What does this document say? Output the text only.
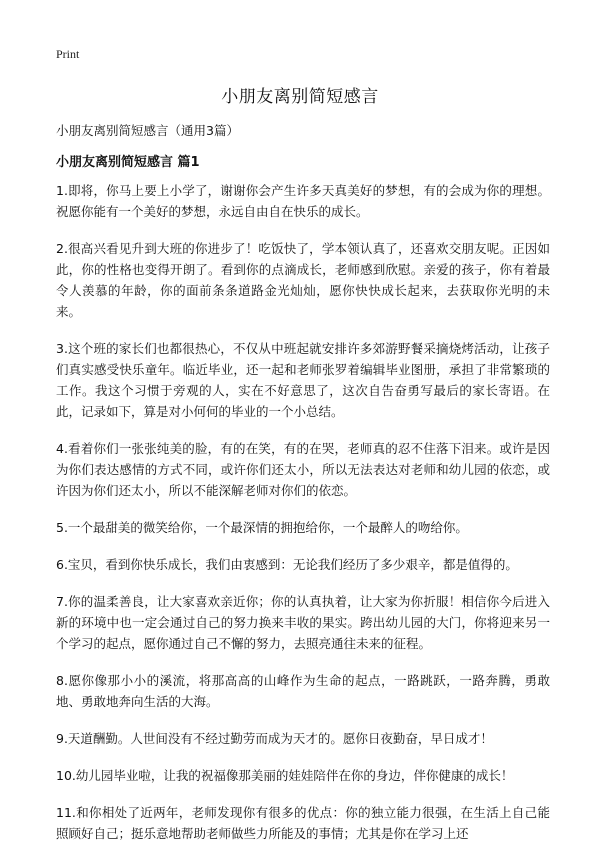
Print
小朋友离别简短感言

小朋友离别简短感言（通用3篇）

小朋友离别简短感言 篇1

1.即将，你马上要上小学了，谢谢你会产生许多天真美好的梦想，有的会成为你的理想。祝愿你能有一个美好的梦想，永远自由自在快乐的成长。

2.很高兴看见升到大班的你进步了！吃饭快了，学本领认真了，还喜欢交朋友呢。正因如此，你的性格也变得开朗了。看到你的点滴成长，老师感到欣慰。亲爱的孩子，你有着最令人羡慕的年龄，你的面前条条道路金光灿灿，愿你快快成长起来，去获取你光明的未来。

3.这个班的家长们也都很热心，不仅从中班起就安排许多郊游野餐采摘烧烤活动，让孩子们真实感受快乐童年。临近毕业，还一起和老师张罗着编辑毕业图册，承担了非常繁琐的工作。我这个习惯于旁观的人，实在不好意思了，这次自告奋勇写最后的家长寄语。在此，记录如下，算是对小何何的毕业的一个小总结。

4.看着你们一张张纯美的脸，有的在笑，有的在哭，老师真的忍不住落下泪来。或许是因为你们表达感情的方式不同，或许你们还太小，所以无法表达对老师和幼儿园的依恋，或许因为你们还太小，所以不能深解老师对你们的依恋。

5.一个最甜美的微笑给你，一个最深情的拥抱给你，一个最醉人的吻给你。

6.宝贝，看到你快乐成长，我们由衷感到：无论我们经历了多少艰辛，都是值得的。

7.你的温柔善良，让大家喜欢亲近你；你的认真执着，让大家为你折服！相信你今后进入新的环境中也一定会通过自己的努力换来丰收的果实。跨出幼儿园的大门，你将迎来另一个学习的起点，愿你通过自己不懈的努力，去照亮通往未来的征程。

8.愿你像那小小的溪流，将那高高的山峰作为生命的起点，一路跳跃，一路奔腾，勇敢地、勇敢地奔向生活的大海。

9.天道酬勤。人世间没有不经过勤劳而成为天才的。愿你日夜勤奋，早日成才！

10.幼儿园毕业啦，让我的祝福像那美丽的娃娃陪伴在你的身边，伴你健康的成长！

11.和你相处了近两年，老师发现你有很多的优点：你的独立能力很强，在生活上自己能照顾好自己；挺乐意地帮助老师做些力所能及的事情；尤其是你在学习上还
